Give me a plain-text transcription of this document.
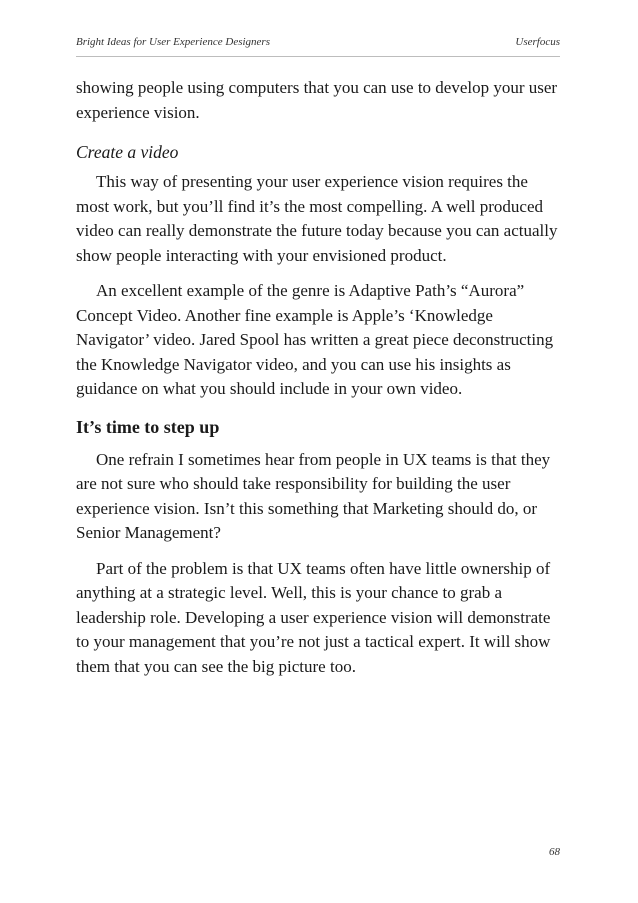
Bright Ideas for User Experience Designers	Userfocus

showing people using computers that you can use to develop your user experience vision.

Create a video

This way of presenting your user experience vision requires the most work, but you’ll find it’s the most compelling. A well produced video can really demonstrate the future today because you can actually show people interacting with your envisioned product.

An excellent example of the genre is Adaptive Path’s “Aurora” Concept Video. Another fine example is Apple’s ‘Knowledge Navigator’ video. Jared Spool has written a great piece deconstructing the Knowledge Navigator video, and you can use his insights as guidance on what you should include in your own video.

It’s time to step up

One refrain I sometimes hear from people in UX teams is that they are not sure who should take responsibility for building the user experience vision. Isn’t this something that Marketing should do, or Senior Management?

Part of the problem is that UX teams often have little ownership of anything at a strategic level. Well, this is your chance to grab a leadership role. Developing a user experience vision will demonstrate to your management that you’re not just a tactical expert. It will show them that you can see the big picture too.

68
